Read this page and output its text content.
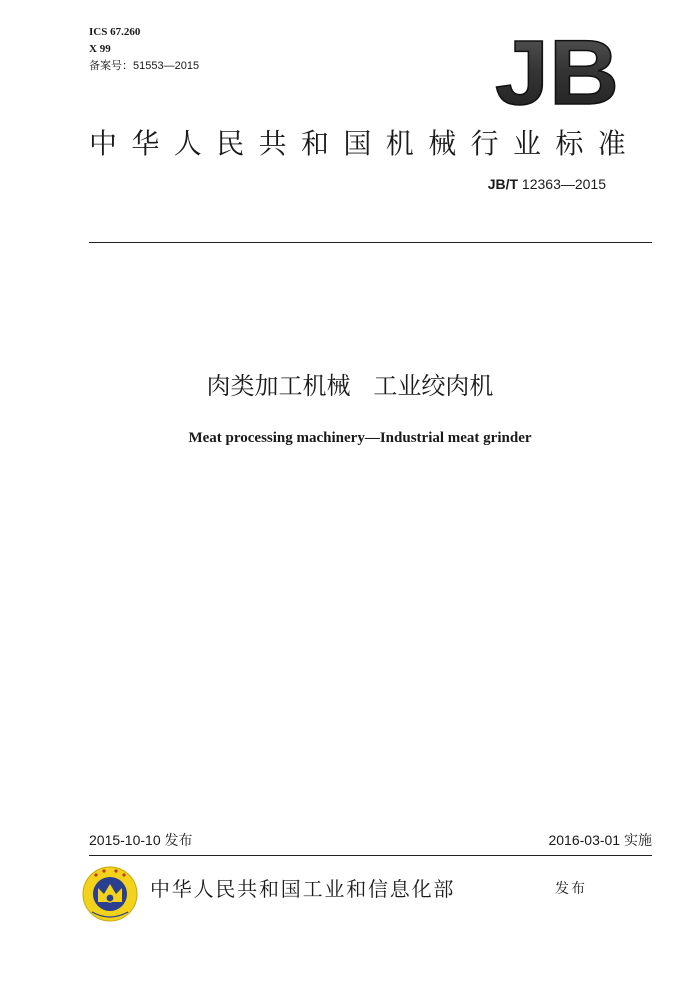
ICS 67.260
X 99
备案号：51553—2015	JB
中华人民共和国机械行业标准
JB/T 12363—2015
肉类加工机械   工业绞肉机
Meat processing machinery—Industrial meat grinder
2015-10-10 发布	2016-03-01 实施
中华人民共和国工业和信息化部	发布
